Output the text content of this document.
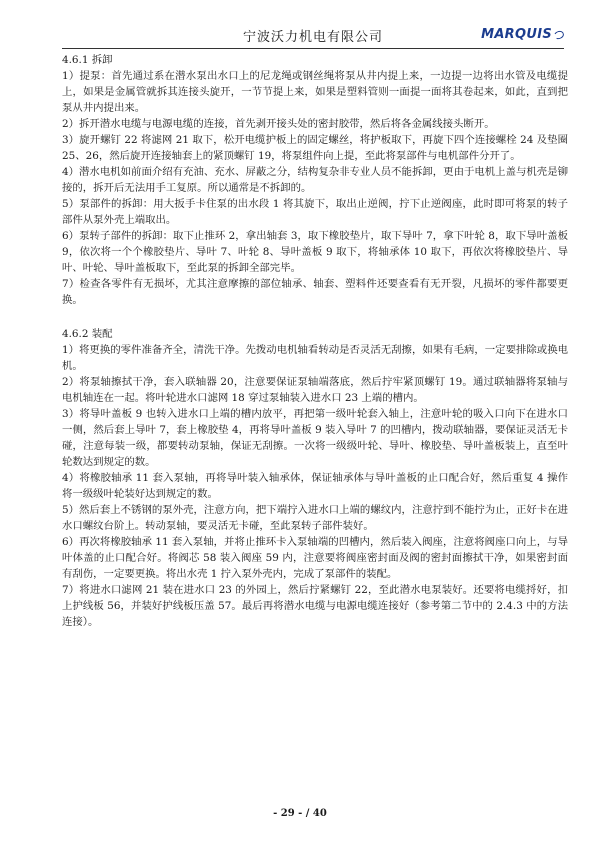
宁波沃力机电有限公司	MARQUIS

4.6.1 拆卸

1）提泵：首先通过系在潜水泵出水口上的尼龙绳或钢丝绳将泵从井内提上来，一边提一边将出水管及电缆提上，如果是金属管就拆其连接头旋开，一节节提上来，如果是塑料管则一面提一面将其卷起来，如此，直到把泵从井内提出来。

2）拆开潜水电缆与电源电缆的连接，首先剥开接头处的密封胶带，然后将各金属线接头断开。

3）旋开螺钉 22 将滤网 21 取下，松开电缆护板上的固定螺丝，将护板取下，再旋下四个连接螺栓 24 及垫圈 25、26，然后旋开连接轴套上的紧顶螺钉 19，将泵组件向上提，至此将泵部件与电机部件分开了。

4）潜水电机如前面介绍有充油、充水、屏蔽之分，结构复杂非专业人员不能拆卸，更由于电机上盖与机壳是铆接的，拆开后无法用手工复原。所以通常是不拆卸的。

5）泵部件的拆卸：用大扳手卡住泵的出水段 1 将其旋下，取出止逆阀，拧下止逆阀座，此时即可将泵的转子部件从泵外壳上端取出。

6）泵转子部件的拆卸：取下止推环 2，拿出轴套 3，取下橡胶垫片，取下导叶 7，拿下叶轮 8，取下导叶盖板 9，依次将一个个橡胶垫片、导叶 7、叶轮 8、导叶盖板 9 取下，将轴承体 10 取下，再依次将橡胶垫片、导叶、叶轮、导叶盖板取下，至此泵的拆卸全部完毕。

7）检查各零件有无损坏，尤其注意摩擦的部位轴承、轴套、塑料件还要查看有无开裂，凡损坏的零件都要更换。

4.6.2 装配

1）将更换的零件准备齐全，清洗干净。先拨动电机轴看转动是否灵活无刮擦，如果有毛病，一定要排除或换电机。

2）将泵轴擦拭干净，套入联轴器 20，注意要保证泵轴端落底，然后拧牢紧顶螺钉 19。通过联轴器将泵轴与电机轴连在一起。将叶轮进水口滤网 18 穿过泵轴装入进水口 23 上端的槽内。

3）将导叶盖板 9 也转入进水口上端的槽内放平，再把第一级叶轮套入轴上，注意叶轮的吸入口向下在进水口一侧，然后套上导叶 7，套上橡胶垫 4，再将导叶盖板 9 装入导叶 7 的凹槽内，拨动联轴器，要保证灵活无卡碰，注意每装一级，都要转动泵轴，保证无刮擦。一次将一级级叶轮、导叶、橡胶垫、导叶盖板装上，直至叶轮数达到规定的数。

4）将橡胶轴承 11 套入泵轴，再将导叶装入轴承体，保证轴承体与导叶盖板的止口配合好，然后重复 4 操作将一级级叶轮装好达到规定的数。

5）然后套上不锈钢的泵外壳，注意方向，把下端拧入进水口上端的螺纹内，注意拧到不能拧为止，正好卡在进水口螺纹台阶上。转动泵轴，要灵活无卡碰，至此泵转子部件装好。

6）再次将橡胶轴承 11 套入泵轴，并将止推环卡入泵轴端的凹槽内，然后装入阀座，注意将阀座口向上，与导叶体盖的止口配合好。将阀芯 58 装入阀座 59 内，注意要将阀座密封面及阀的密封面擦拭干净，如果密封面有刮伤，一定要更换。将出水壳 1 拧入泵外壳内，完成了泵部件的装配。

7）将进水口滤网 21 装在进水口 23 的外园上，然后拧紧螺钉 22，至此潜水电泵装好。还要将电缆捋好，扣上护线板 56，并装好护线板压盖 57。最后再将潜水电缆与电源电缆连接好（参考第二节中的 2.4.3 中的方法连接）。

- 29 - / 40
